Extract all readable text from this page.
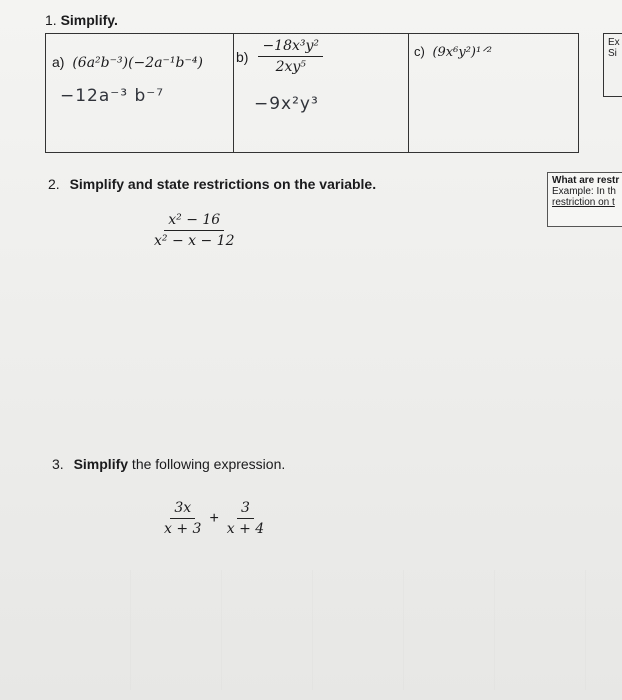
1. Simplify.
a) (6a²b⁻³)(−2a⁻¹b⁻⁴) $b) \frac{\text{−18x³y²}}{\text{2xy⁵}}$	c) (9x⁶y²)¹ᐟ²
−12a⁻³ b⁻⁷	−9x²y³
Ex
Si
2. Simplify and state restrictions on the variable.
$\frac{\text{x² − 16}}{\text{x² − x − 12}}$
What are restr
Example: In th
restriction on t
3. Simplify the following expression.
$\frac{3x}{x + 3} + \frac{3}{x + 4}$
